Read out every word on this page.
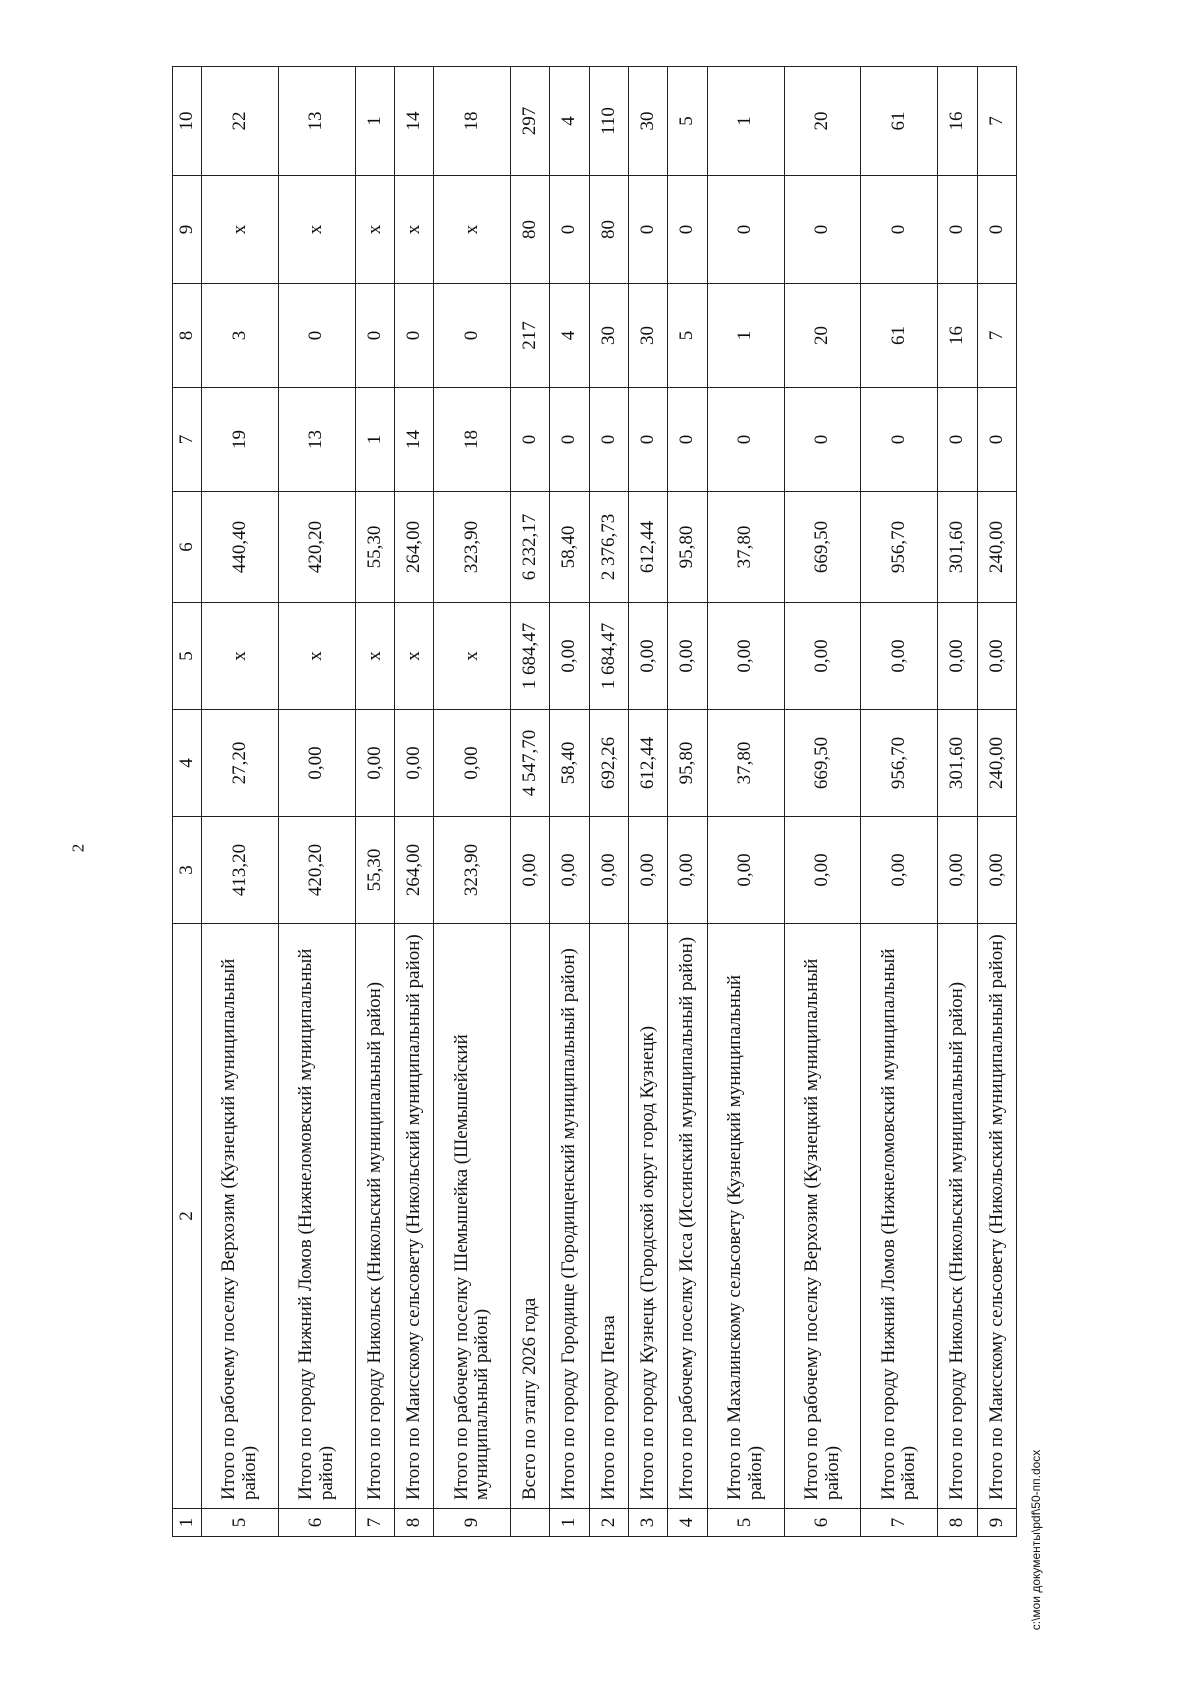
2
1	2	3	4	5	6	7	8	9	10
5	Итого по рабочему поселку Верхозим (Кузнецкий муниципальный район)	413,20	27,20	x	440,40	19	3	x	22
6	Итого по городу Нижний Ломов (Нижнеломовский муниципальный район)	420,20	0,00	x	420,20	13	0	x	13
7	Итого по городу Никольск (Никольский муниципальный район)	55,30	0,00	x	55,30	1	0	x	1
8	Итого по Маисскому сельсовету (Никольский муниципальный район)	264,00	0,00	x	264,00	14	0	x	14
9	Итого по рабочему поселку Шемышейка (Шемышейский муниципальный район)	323,90	0,00	x	323,90	18	0	x	18
	Всего по этапу 2026 года	0,00	4 547,70	1 684,47	6 232,17	0	217	80	297
1	Итого по городу Городище (Городищенский муниципальный район)	0,00	58,40	0,00	58,40	0	4	0	4
2	Итого по городу Пенза	0,00	692,26	1 684,47	2 376,73	0	30	80	110
3	Итого по городу Кузнецк (Городской округ город Кузнецк)	0,00	612,44	0,00	612,44	0	30	0	30
4	Итого по рабочему поселку Исса (Иссинский муниципальный район)	0,00	95,80	0,00	95,80	0	5	0	5
5	Итого по Махалинскому сельсовету (Кузнецкий муниципальный район)	0,00	37,80	0,00	37,80	0	1	0	1
6	Итого по рабочему поселку Верхозим (Кузнецкий муниципальный район)	0,00	669,50	0,00	669,50	0	20	0	20
7	Итого по городу Нижний Ломов (Нижнеломовский муниципальный район)	0,00	956,70	0,00	956,70	0	61	0	61
8	Итого по городу Никольск (Никольский муниципальный район)	0,00	301,60	0,00	301,60	0	16	0	16
9	Итого по Маисскому сельсовету (Никольский муниципальный район)	0,00	240,00	0,00	240,00	0	7	0	7
c:\мои документы\pdf\50-пп.docx
